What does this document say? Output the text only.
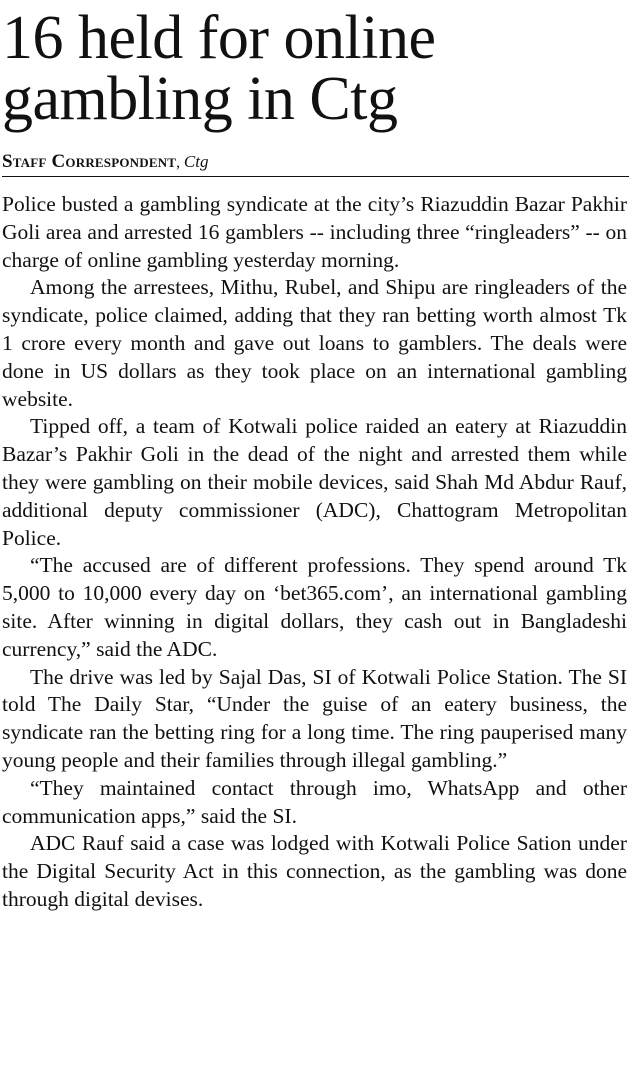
16 held for online gambling in Ctg
Staff Correspondent, Ctg

Police busted a gambling syndicate at the city’s Riazuddin Bazar Pakhir Goli area and arrested 16 gamblers -- including three “ringleaders” -- on charge of online gambling yesterday morning.

Among the arrestees, Mithu, Rubel, and Shipu are ringleaders of the syndicate, police claimed, adding that they ran betting worth almost Tk 1 crore every month and gave out loans to gamblers. The deals were done in US dollars as they took place on an international gambling website.

Tipped off, a team of Kotwali police raided an eatery at Riazuddin Bazar’s Pakhir Goli in the dead of the night and arrested them while they were gambling on their mobile devices, said Shah Md Abdur Rauf, additional deputy commissioner (ADC), Chattogram Metropolitan Police.

“The accused are of different professions. They spend around Tk 5,000 to 10,000 every day on ‘bet365.com’, an international gambling site. After winning in digital dollars, they cash out in Bangladeshi currency,” said the ADC.

The drive was led by Sajal Das, SI of Kotwali Police Station. The SI told The Daily Star, “Under the guise of an eatery business, the syndicate ran the betting ring for a long time. The ring pauperised many young people and their families through illegal gambling.”

“They maintained contact through imo, WhatsApp and other communication apps,” said the SI.

ADC Rauf said a case was lodged with Kotwali Police Sation under the Digital Security Act in this connection, as the gambling was done through digital devises.
